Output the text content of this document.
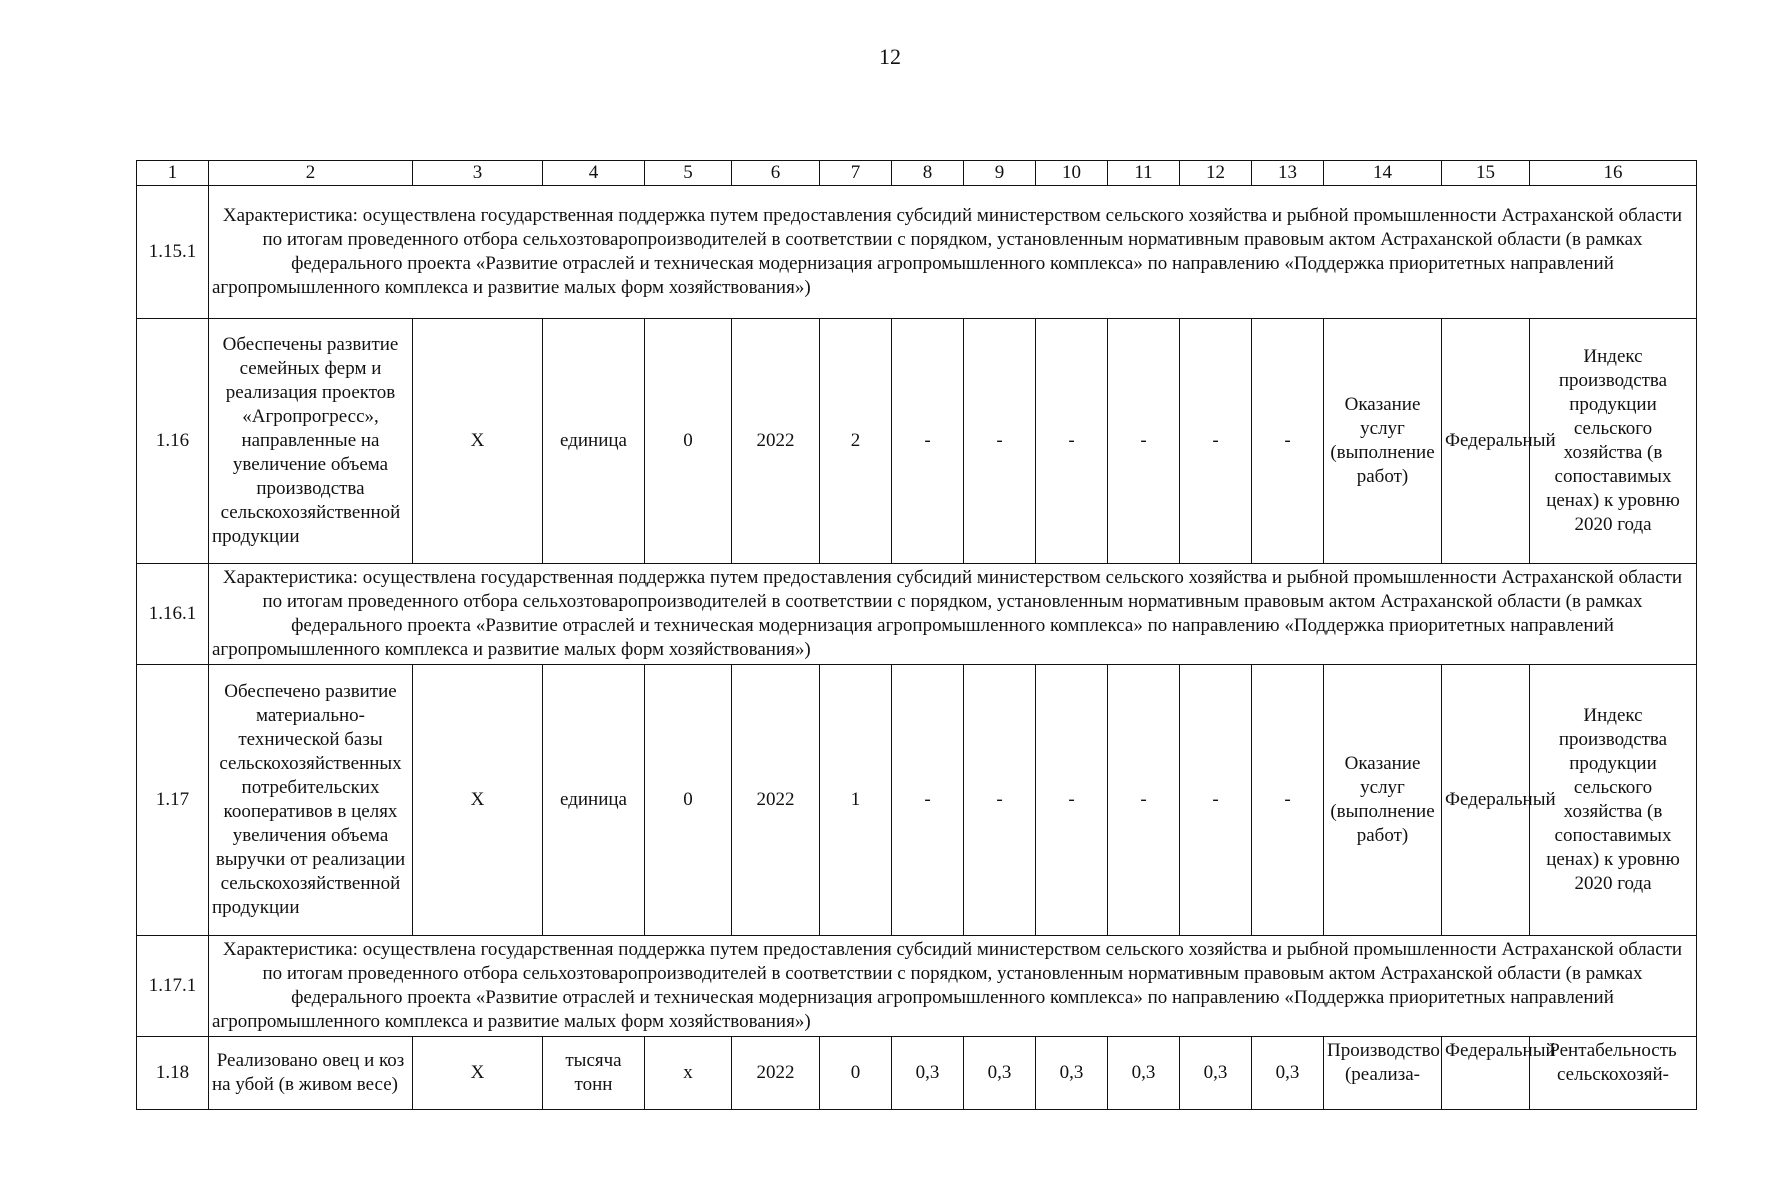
12
1	2	3	4	5	6	7	8	9	10	11	12	13	14	15	16
1.15.1	Характеристика: осуществлена государственная поддержка путем предоставления субсидий министерством сельского хозяйства и рыбной промышленности Астраханской области по итогам проведенного отбора сельхозтоваропроизводителей в соответствии с порядком, установленным нормативным правовым актом Астраханской области (в рамках федерального проекта «Развитие отраслей и техническая модернизация агропромышленного комплекса» по направлению «Поддержка приоритетных направлений агропромышленного комплекса и развитие малых форм хозяйствования»)														
1.16	Обеспечены развитие семейных ферм и реализация проектов «Агропрогресс», направленные на увеличение объема производства сельскохозяйственной продукции	Х	единица	0	2022	2	-	-	-	-	-	-	Оказание услуг (выполнение работ)	Федеральный	Индекс производства продукции сельского хозяйства (в сопоставимых ценах) к уровню 2020 года
1.16.1	Характеристика: осуществлена государственная поддержка путем предоставления субсидий министерством сельского хозяйства и рыбной промышленности Астраханской области по итогам проведенного отбора сельхозтоваропроизводителей в соответствии с порядком, установленным нормативным правовым актом Астраханской области (в рамках федерального проекта «Развитие отраслей и техническая модернизация агропромышленного комплекса» по направлению «Поддержка приоритетных направлений агропромышленного комплекса и развитие малых форм хозяйствования»)														
1.17	Обеспечено развитие материально-технической базы сельскохозяйственных потребительских кооперативов в целях увеличения объема выручки от реализации сельскохозяйственной продукции	Х	единица	0	2022	1	-	-	-	-	-	-	Оказание услуг (выполнение работ)	Федеральный	Индекс производства продукции сельского хозяйства (в сопоставимых ценах) к уровню 2020 года
1.17.1	Характеристика: осуществлена государственная поддержка путем предоставления субсидий министерством сельского хозяйства и рыбной промышленности Астраханской области по итогам проведенного отбора сельхозтоваропроизводителей в соответствии с порядком, установленным нормативным правовым актом Астраханской области (в рамках федерального проекта «Развитие отраслей и техническая модернизация агропромышленного комплекса» по направлению «Поддержка приоритетных направлений агропромышленного комплекса и развитие малых форм хозяйствования»)														
1.18	Реализовано овец и коз на убой (в живом весе)	Х	тысяча тонн	х	2022	0	0,3	0,3	0,3	0,3	0,3	0,3	Производство (реализа-	Федеральный	Рентабельность сельскохозяй-
